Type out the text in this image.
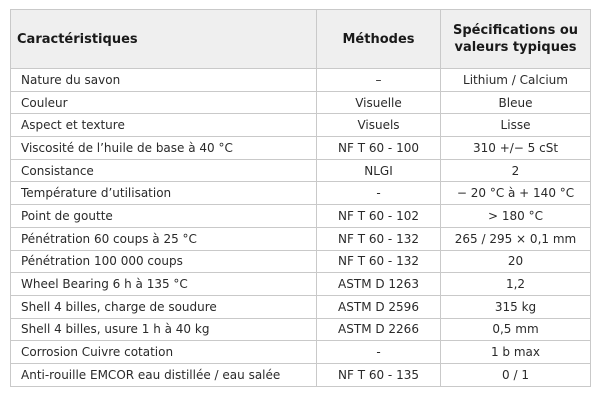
Caractéristiques	Méthodes	Spécifications ou
valeurs typiques
Nature du savon	–	Lithium / Calcium
Couleur	Visuelle	Bleue
Aspect et texture	Visuels	Lisse
Viscosité de l’huile de base à 40 °C	NF T 60 - 100	310 +/− 5 cSt
Consistance	NLGI	2
Température d’utilisation	-	− 20 °C à + 140 °C
Point de goutte	NF T 60 - 102	> 180 °C
Pénétration 60 coups à 25 °C	NF T 60 - 132	265 / 295 × 0,1 mm
Pénétration 100 000 coups	NF T 60 - 132	20
Wheel Bearing 6 h à 135 °C	ASTM D 1263	1,2
Shell 4 billes, charge de soudure	ASTM D 2596	315 kg
Shell 4 billes, usure 1 h à 40 kg	ASTM D 2266	0,5 mm
Corrosion Cuivre cotation	-	1 b max
Anti-rouille EMCOR eau distillée / eau salée	NF T 60 - 135	0 / 1
